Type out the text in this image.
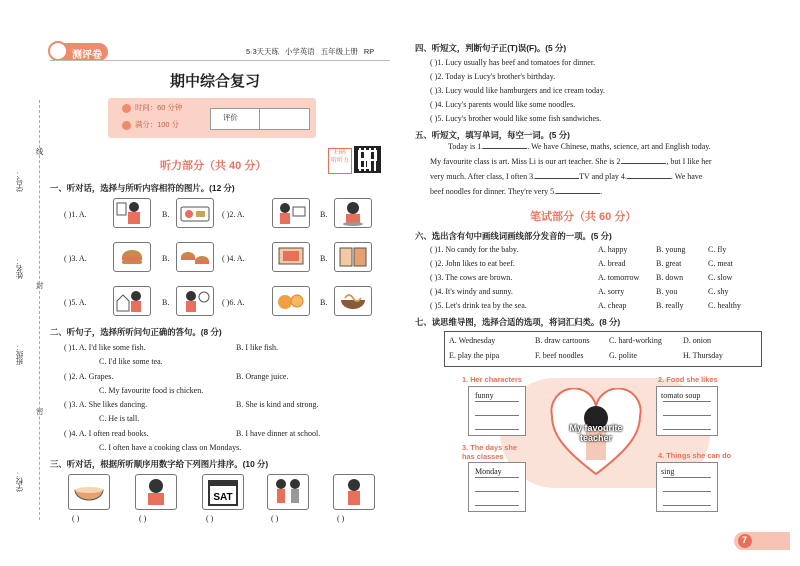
测评卷	5·3天天练 小学英语 五年级上册 RP
期中综合复习
时间：60 分钟
满分：100 分
评价
扫码
听听力
听力部分（共 40 分）
学号：
线
姓名：
封
班级：
密
学校：
一、听对话，选择与所听内容相符的图片。(12 分)
( )1. A.	B.	( )2. A.	B.
( )3. A.	B.	( )4. A.	B.
( )5. A.	B.	( )6. A.	B.
二、听句子，选择所听问句正确的答句。(8 分)
( )1. A. I'd like some fish.	B. I like fish.
C. I'd like some tea.
( )2. A. Grapes.	B. Orange juice.
C. My favourite food is chicken.
( )3. A. She likes dancing.	B. She is kind and strong.
C. He is tall.
( )4. A. I often read books.	B. I have dinner at school.
C. I often have a cooking class on Mondays.
三、听对话，根据所听顺序用数字给下列图片排序。(10 分)
SAT
( )	( )	( )	( )	( )
四、听短文，判断句子正(T)误(F)。(5 分)
( )1. Lucy usually has beef and tomatoes for dinner.
( )2. Today is Lucy's brother's birthday.
( )3. Lucy would like hamburgers and ice cream today.
( )4. Lucy's parents would like some noodles.
( )5. Lucy's brother would like some fish sandwiches.
五、听短文，填写单词，每空一词。(5 分)
Today is 1.	. We have Chinese, maths, science, art and English today.
My favourite class is art. Miss Li is our art teacher. She is 2.	, but I like her
very much. After class, I often 3.	TV and play 4.	. We have
beef noodles for dinner. They're very 5.	.
笔试部分（共 60 分）
六、选出含有句中画线词画线部分发音的一项。(5 分)
( )1. No candy for the baby.	A. happy	B. young	C. fly
( )2. John likes to eat beef.	A. bread	B. great	C. meat
( )3. The cows are brown.	A. tomorrow B. down	C. slow
( )4. It's windy and sunny.	A. sorry	B. you	C. shy
( )5. Let's drink tea by the sea.	A. cheap	B. really	C. healthy
七、读思维导图，选择合适的选项，将词汇归类。(8 分)
A. Wednesday	B. draw cartoons C. hard-working	D. onion
E. play the pipa	F. beef noodles	G. polite	H. Thursday
My favourite teacher
1. Her characters
funny
2. Food she likes
tomato soup
3. The days she has classes
Monday
4. Things she can do
sing
7
